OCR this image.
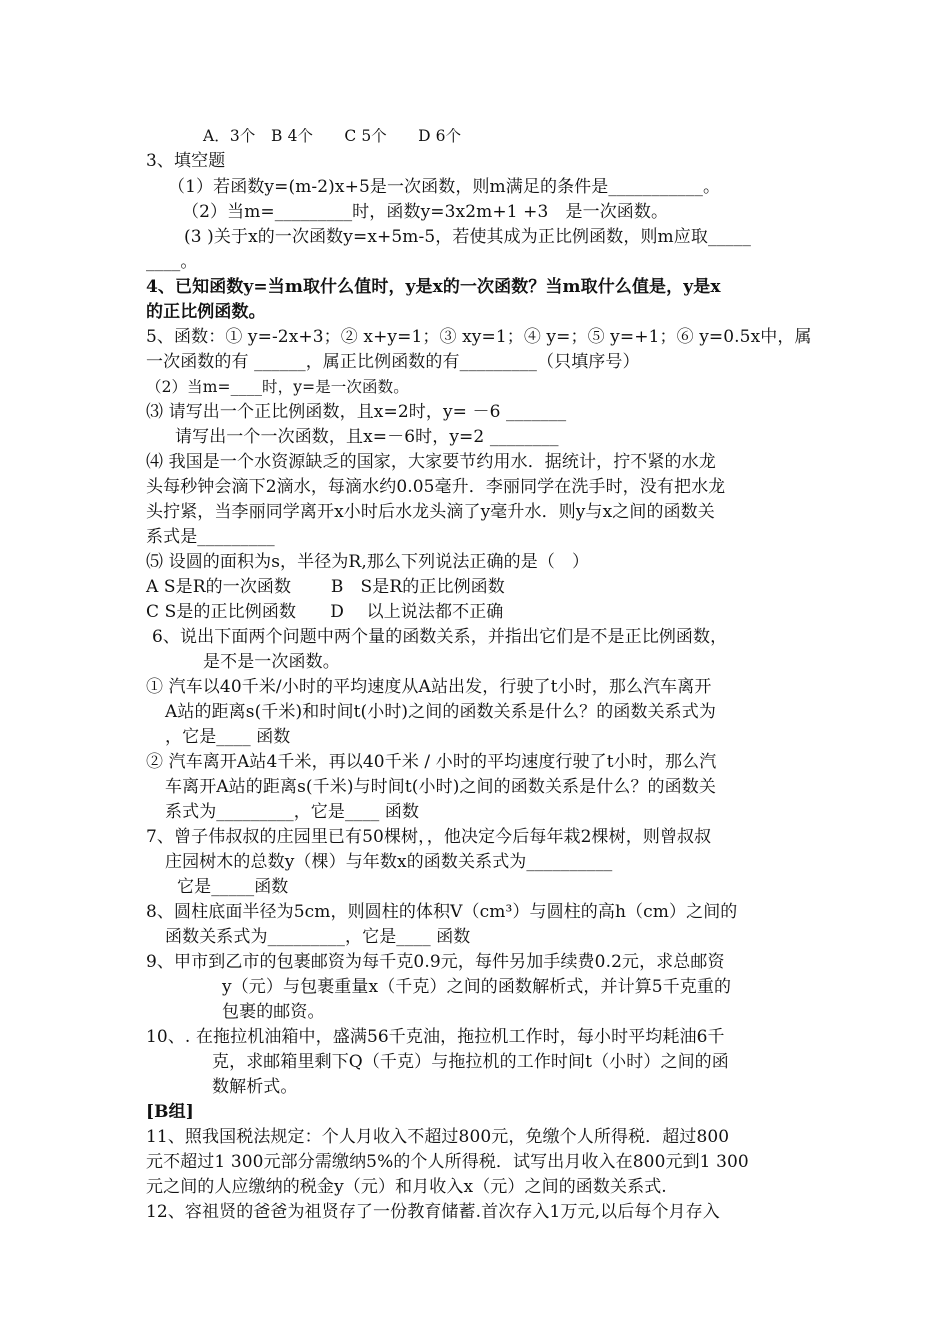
A．3个　B 4个　　C 5个　　D 6个
3、填空题
（1）若函数y=(m-2)x+5是一次函数，则m满足的条件是___________。
（2）当m=_________时，函数y=3x2m+1 +3　是一次函数。
(3 )关于x的一次函数y=x+5m-5，若使其成为正比例函数，则m应取_____
____。
4、已知函数y=当m取什么值时，y是x的一次函数？当m取什么值是，y是x
的正比例函数。
5、函数：① y=-2x+3；② x+y=1；③ xy=1；④ y=；⑤ y=+1；⑥ y=0.5x中，属
一次函数的有 ______，属正比例函数的有_________（只填序号）
（2）当m=____时，y=是一次函数。
⑶ 请写出一个正比例函数，且x=2时，y= －6 _______
请写出一个一次函数，且x=－6时，y=2 ________
⑷ 我国是一个水资源缺乏的国家，大家要节约用水．据统计，拧不紧的水龙
头每秒钟会滴下2滴水，每滴水约0.05毫升．李丽同学在洗手时，没有把水龙
头拧紧，当李丽同学离开x小时后水龙头滴了y毫升水．则y与x之间的函数关
系式是_________
⑸ 设圆的面积为s，半径为R,那么下列说法正确的是（　）
A S是R的一次函数　　 B　S是R的正比例函数
C S是的正比例函数　　D　 以上说法都不正确
6、说出下面两个问题中两个量的函数关系，并指出它们是不是正比例函数，
是不是一次函数。
① 汽车以40千米/小时的平均速度从A站出发，行驶了t小时，那么汽车离开
A站的距离s(千米)和时间t(小时)之间的函数关系是什么？的函数关系式为
，它是____ 函数
② 汽车离开A站4千米，再以40千米 / 小时的平均速度行驶了t小时，那么汽
车离开A站的距离s(千米)与时间t(小时)之间的函数关系是什么？的函数关
系式为_________，它是____ 函数
7、曾子伟叔叔的庄园里已有50棵树，，他决定今后每年栽2棵树，则曾叔叔
庄园树木的总数y（棵）与年数x的函数关系式为__________
它是_____函数
8、圆柱底面半径为5cm，则圆柱的体积V（cm³）与圆柱的高h（cm）之间的
函数关系式为_________，它是____ 函数
9、甲市到乙市的包裹邮资为每千克0.9元，每件另加手续费0.2元，求总邮资
y（元）与包裹重量x（千克）之间的函数解析式，并计算5千克重的
包裹的邮资。
10、. 在拖拉机油箱中，盛满56千克油，拖拉机工作时，每小时平均耗油6千
克，求邮箱里剩下Q（千克）与拖拉机的工作时间t（小时）之间的函
数解析式。
[B组]
11、照我国税法规定：个人月收入不超过800元，免缴个人所得税．超过800
元不超过1 300元部分需缴纳5%的个人所得税．试写出月收入在800元到1 300
元之间的人应缴纳的税金y（元）和月收入x（元）之间的函数关系式.
12、容祖贤的爸爸为祖贤存了一份教育储蓄.首次存入1万元,以后每个月存入
